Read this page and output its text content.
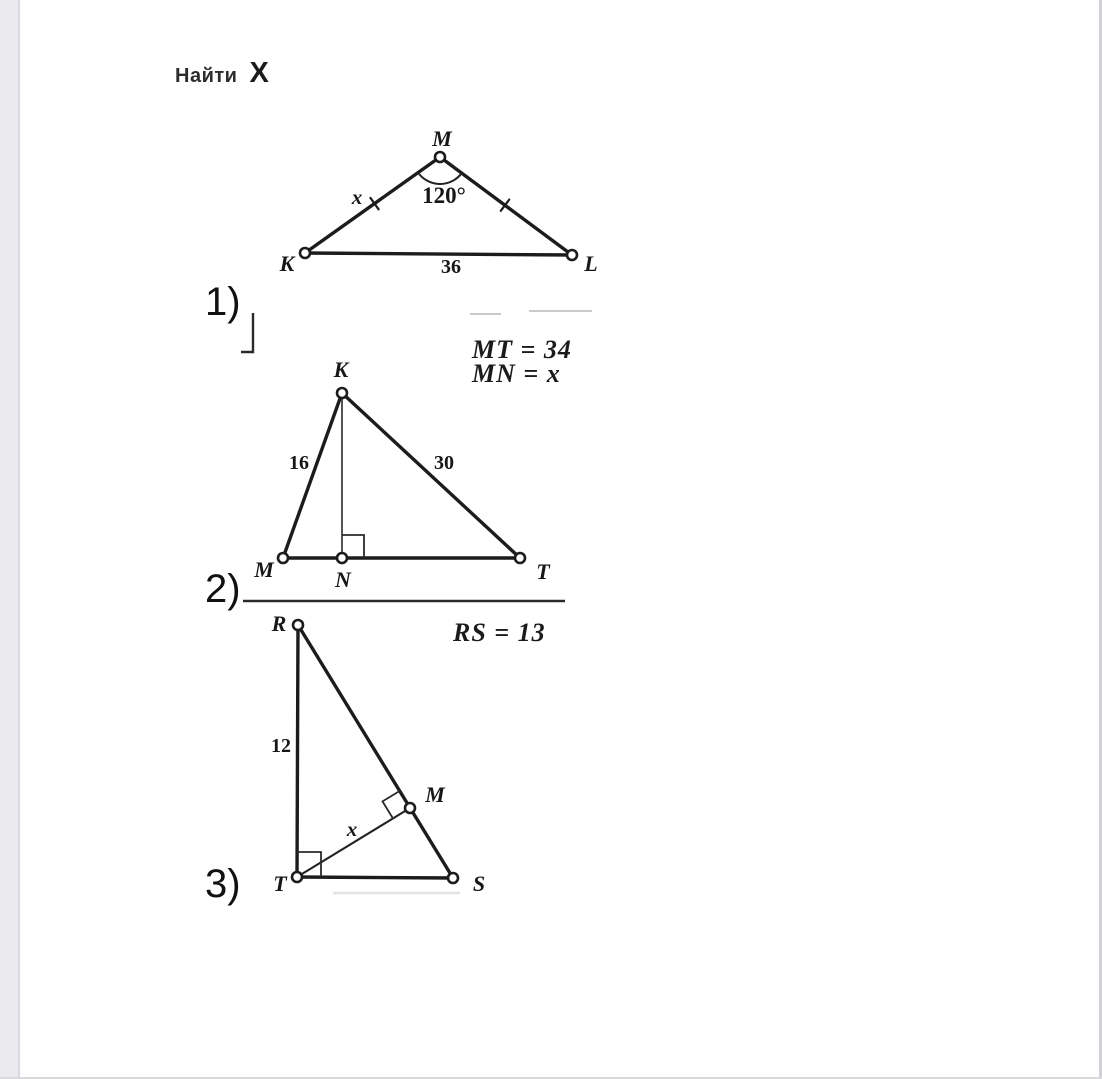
Найти X
1)
2)
3)
M
K	L
120°
x
36
K
M	N	T
16	30
MT = 34
MN = x
R
T	S
M
12
x
RS = 13
